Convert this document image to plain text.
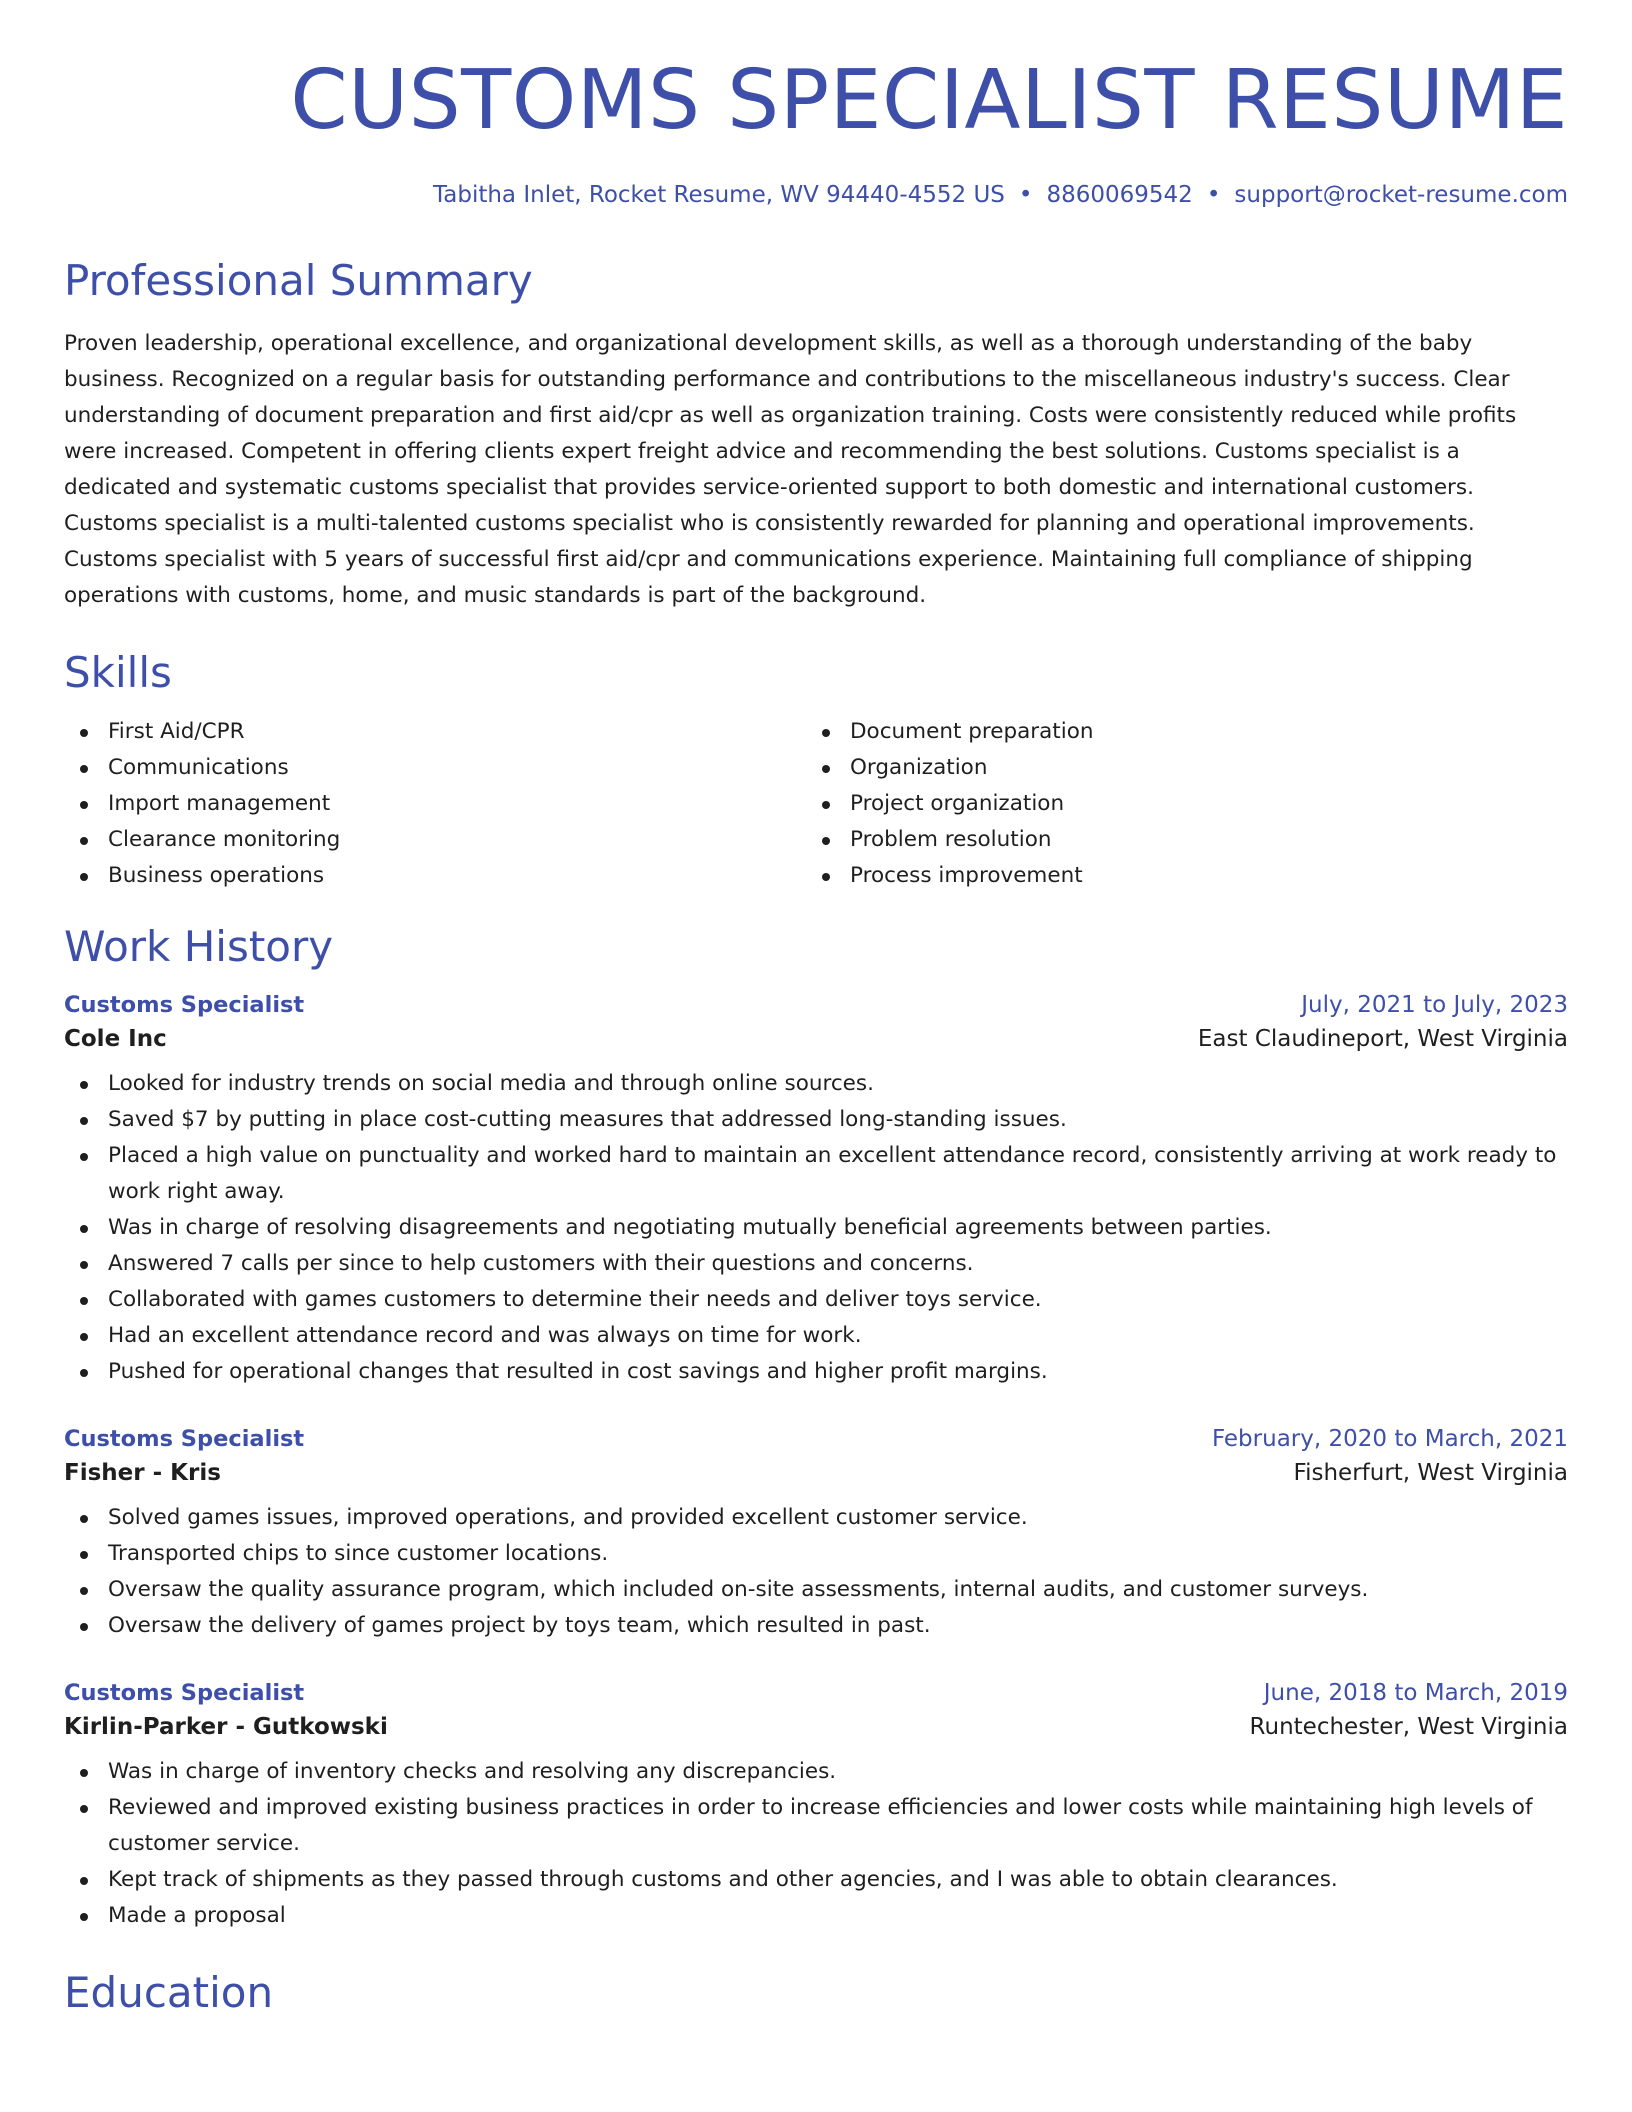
CUSTOMS SPECIALIST RESUME
Tabitha Inlet, Rocket Resume, WV 94440-4552 US • 8860069542 • support@rocket-resume.com
Professional Summary
Proven leadership, operational excellence, and organizational development skills, as well as a thorough understanding of the baby business. Recognized on a regular basis for outstanding performance and contributions to the miscellaneous industry's success. Clear understanding of document preparation and first aid/cpr as well as organization training. Costs were consistently reduced while profits were increased. Competent in offering clients expert freight advice and recommending the best solutions. Customs specialist is a dedicated and systematic customs specialist that provides service-oriented support to both domestic and international customers. Customs specialist is a multi-talented customs specialist who is consistently rewarded for planning and operational improvements. Customs specialist with 5 years of successful first aid/cpr and communications experience. Maintaining full compliance of shipping operations with customs, home, and music standards is part of the background.
Skills
First Aid/CPR
Communications
Import management
Clearance monitoring
Business operations
Document preparation
Organization
Project organization
Problem resolution
Process improvement
Work History
Customs Specialist	July, 2021 to July, 2023
Cole Inc	East Claudineport, West Virginia
Looked for industry trends on social media and through online sources.
Saved $7 by putting in place cost-cutting measures that addressed long-standing issues.
Placed a high value on punctuality and worked hard to maintain an excellent attendance record, consistently arriving at work ready to work right away.
Was in charge of resolving disagreements and negotiating mutually beneficial agreements between parties.
Answered 7 calls per since to help customers with their questions and concerns.
Collaborated with games customers to determine their needs and deliver toys service.
Had an excellent attendance record and was always on time for work.
Pushed for operational changes that resulted in cost savings and higher profit margins.
Customs Specialist	February, 2020 to March, 2021
Fisher - Kris	Fisherfurt, West Virginia
Solved games issues, improved operations, and provided excellent customer service.
Transported chips to since customer locations.
Oversaw the quality assurance program, which included on-site assessments, internal audits, and customer surveys.
Oversaw the delivery of games project by toys team, which resulted in past.
Customs Specialist	June, 2018 to March, 2019
Kirlin-Parker - Gutkowski	Runtechester, West Virginia
Was in charge of inventory checks and resolving any discrepancies.
Reviewed and improved existing business practices in order to increase efficiencies and lower costs while maintaining high levels of customer service.
Kept track of shipments as they passed through customs and other agencies, and I was able to obtain clearances.
Made a proposal
Education
